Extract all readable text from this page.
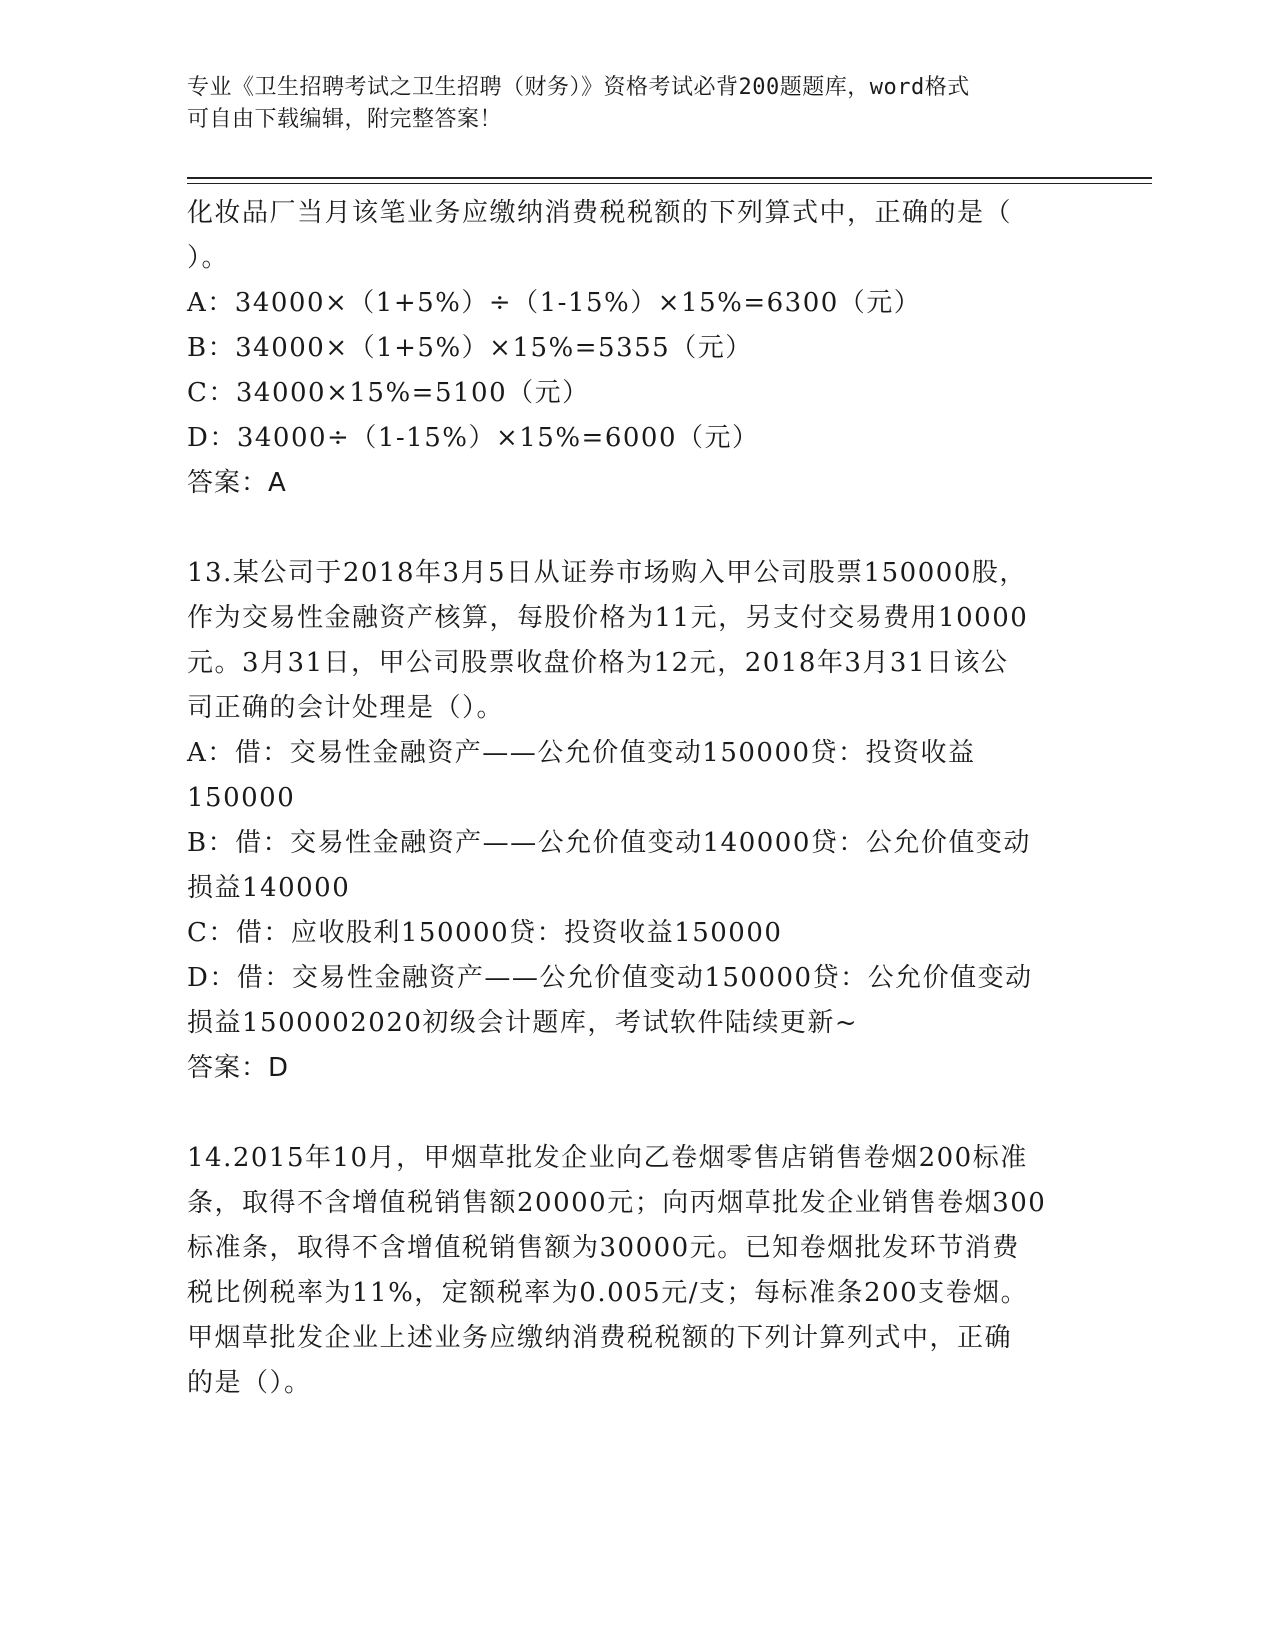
专业《卫生招聘考试之卫生招聘（财务）》资格考试必背200题题库，word格式
可自由下载编辑，附完整答案！

化妆品厂当月该笔业务应缴纳消费税税额的下列算式中，正确的是（

）。

A：34000×（1+5%）÷（1-15%）×15%=6300（元）

B：34000×（1+5%）×15%=5355（元）

C：34000×15%=5100（元）

D：34000÷（1-15%）×15%=6000（元）

答案：A

13.某公司于2018年3月5日从证券市场购入甲公司股票150000股，

作为交易性金融资产核算，每股价格为11元，另支付交易费用10000

元。3月31日，甲公司股票收盘价格为12元，2018年3月31日该公

司正确的会计处理是（）。

A：借：交易性金融资产——公允价值变动150000贷：投资收益

150000

B：借：交易性金融资产——公允价值变动140000贷：公允价值变动

损益140000

C：借：应收股利150000贷：投资收益150000

D：借：交易性金融资产——公允价值变动150000贷：公允价值变动

损益1500002020初级会计题库，考试软件陆续更新~

答案：D

14.2015年10月，甲烟草批发企业向乙卷烟零售店销售卷烟200标准

条，取得不含增值税销售额20000元；向丙烟草批发企业销售卷烟300

标准条，取得不含增值税销售额为30000元。已知卷烟批发环节消费

税比例税率为11%，定额税率为0.005元/支；每标准条200支卷烟。

甲烟草批发企业上述业务应缴纳消费税税额的下列计算列式中，正确

的是（）。
